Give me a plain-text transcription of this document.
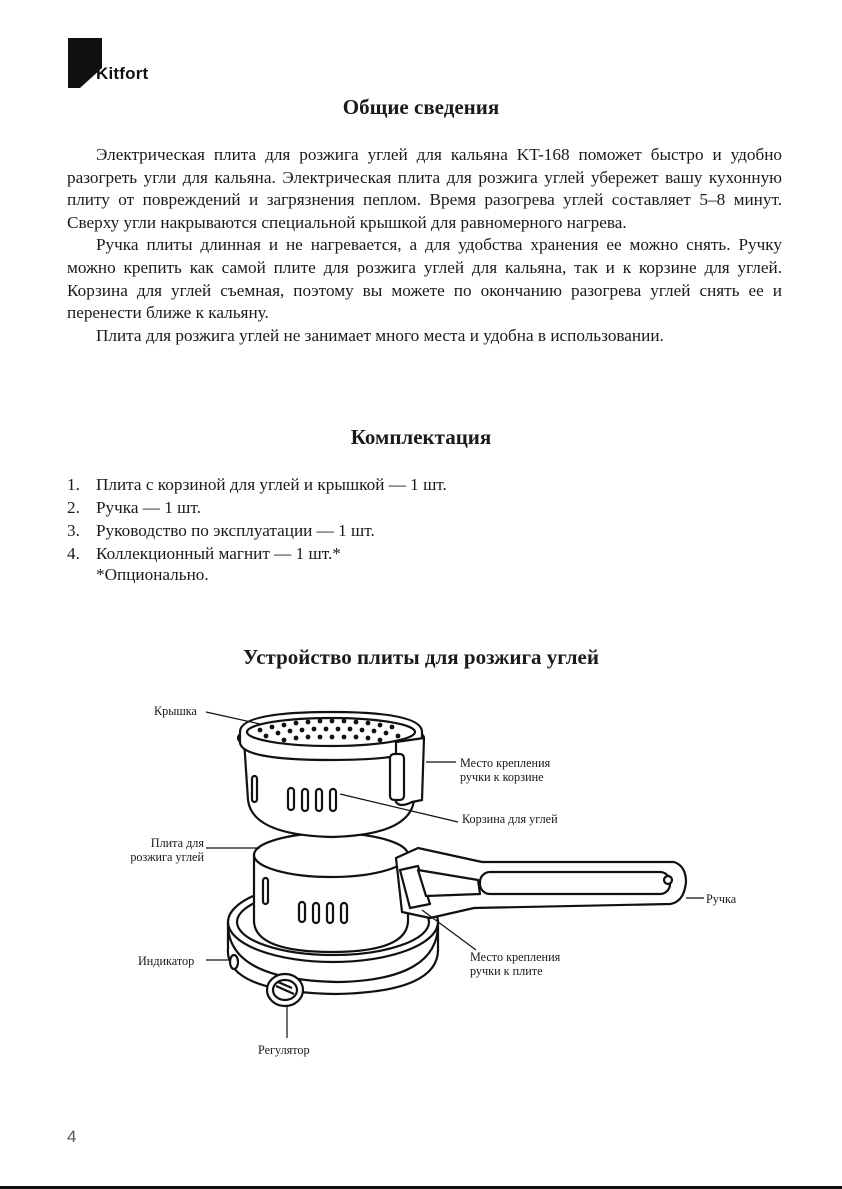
Kitfort
Общие сведения

Электрическая плита для розжига углей для кальяна KT-168 поможет быстро и удобно разогреть угли для кальяна. Электрическая плита для розжига углей убережет вашу кухонную плиту от повреждений и загрязнения пеплом. Время разогрева углей составляет 5–8 минут. Сверху угли накрываются специальной крышкой для равномерного нагрева.

Ручка плиты длинная и не нагревается, а для удобства хранения ее можно снять. Ручку можно крепить как самой плите для розжига углей для кальяна, так и к корзине для углей. Корзина для углей съемная, поэтому вы можете по окончанию разогрева углей снять ее и перенести ближе к кальяну.

Плита для розжига углей не занимает много места и удобна в использовании.

Комплектация
1. Плита с корзиной для углей и крышкой — 1 шт.
2. Ручка — 1 шт.
3. Руководство по эксплуатации — 1 шт.
4. Коллекционный магнит — 1 шт.*
*Опционально.
Устройство плиты для розжига углей
Крышка
Место крепления
ручки к корзине
Корзина для углей
Плита для
розжига углей
Ручка
Индикатор	Место крепления
ручки к плите
Регулятор
4
